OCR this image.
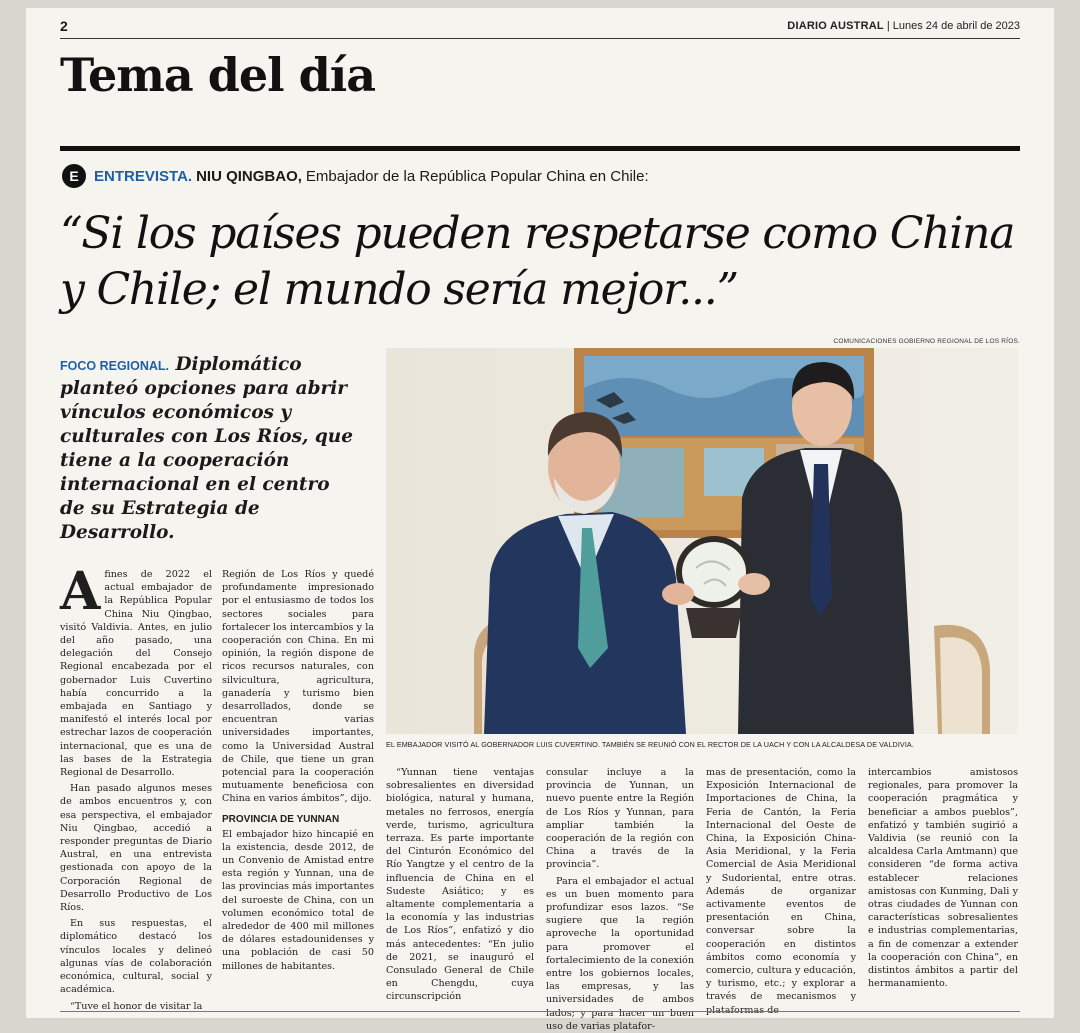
2	DIARIO AUSTRAL | Lunes 24 de abril de 2023
Tema del día
E	ENTREVISTA. NIU QINGBAO, Embajador de la República Popular China en Chile:
“Si los países pueden respetarse como China y Chile; el mundo sería mejor...”
COMUNICACIONES GOBIERNO REGIONAL DE LOS RÍOS.
FOCO REGIONAL. Diplomático planteó opciones para abrir vínculos económicos y culturales con Los Ríos, que tiene a la cooperación internacional en el centro de su Estrategia de Desarrollo.
EL EMBAJADOR VISITÓ AL GOBERNADOR LUIS CUVERTINO. TAMBIÉN SE REUNIÓ CON EL RECTOR DE LA UACH Y CON LA ALCALDESA DE VALDIVIA.
A fines de 2022 el actual embajador de la República Popular China Niu Qingbao, visitó Valdivia. Antes, en julio del año pasado, una delegación del Consejo Regional encabezada por el gobernador Luis Cuvertino había concurrido a la embajada en Santiago y manifestó el interés local por estrechar lazos de cooperación internacional, que es una de las bases de la Estrategia Regional de Desarrollo.

Han pasado algunos meses de ambos encuentros y, con esa perspectiva, el embajador Niu Qingbao, accedió a responder preguntas de Diario Austral, en una entrevista gestionada con apoyo de la Corporación Regional de Desarrollo Productivo de Los Ríos.

En sus respuestas, el diplomático destacó los vínculos locales y delineó algunas vías de colaboración económica, cultural, social y académica.

“Tuve el honor de visitar la

Región de Los Ríos y quedé profundamente impresionado por el entusiasmo de todos los sectores sociales para fortalecer los intercambios y la cooperación con China. En mi opinión, la región dispone de ricos recursos naturales, con silvicultura, agricultura, ganadería y turismo bien desarrollados, donde se encuentran varias universidades importantes, como la Universidad Austral de Chile, que tiene un gran potencial para la cooperación mutuamente beneficiosa con China en varios ámbitos”, dijo.

PROVINCIA DE YUNNAN

El embajador hizo hincapié en la existencia, desde 2012, de un Convenio de Amistad entre esta región y Yunnan, una de las provincias más importantes del suroeste de China, con un volumen económico total de alrededor de 400 mil millones de dólares estadounidenses y una población de casi 50 millones de habitantes.

“Yunnan tiene ventajas sobresalientes en diversidad biológica, natural y humana, metales no ferrosos, energía verde, turismo, agricultura terraza. Es parte importante del Cinturón Económico del Río Yangtze y el centro de la influencia de China en el Sudeste Asiático; y es altamente complementaria a la economía y las industrias de Los Ríos”, enfatizó y dio más antecedentes: “En julio de 2021, se inauguró el Consulado General de Chile en Chengdu, cuya circunscripción

consular incluye a la provincia de Yunnan, un nuevo puente entre la Región de Los Ríos y Yunnan, para ampliar también la cooperación de la región con China a través de la provincia”.

Para el embajador el actual es un buen momento para profundizar esos lazos. “Se sugiere que la región aproveche la oportunidad para promover el fortalecimiento de la conexión entre los gobiernos locales, las empresas, y las universidades de ambos lados; y para hacer un buen uso de varias platafor-

mas de presentación, como la Exposición Internacional de Importaciones de China, la Feria de Cantón, la Feria Internacional del Oeste de China, la Exposición China-Asia Meridional, y la Feria Comercial de Asia Meridional y Sudoriental, entre otras. Además de organizar activamente eventos de presentación en China, conversar sobre la cooperación en distintos ámbitos como economía y comercio, cultura y educación, y turismo, etc.; y explorar a través de mecanismos y plataformas de

intercambios amistosos regionales, para promover la cooperación pragmática y beneficiar a ambos pueblos”, enfatizó y también sugirió a Valdivia (se reunió con la alcaldesa Carla Amtmann) que consideren “de forma activa establecer relaciones amistosas con Kunming, Dali y otras ciudades de Yunnan con características sobresalientes e industrias complementarias, a fin de comenzar a extender la cooperación con China”, en distintos ámbitos a partir del hermanamiento.
